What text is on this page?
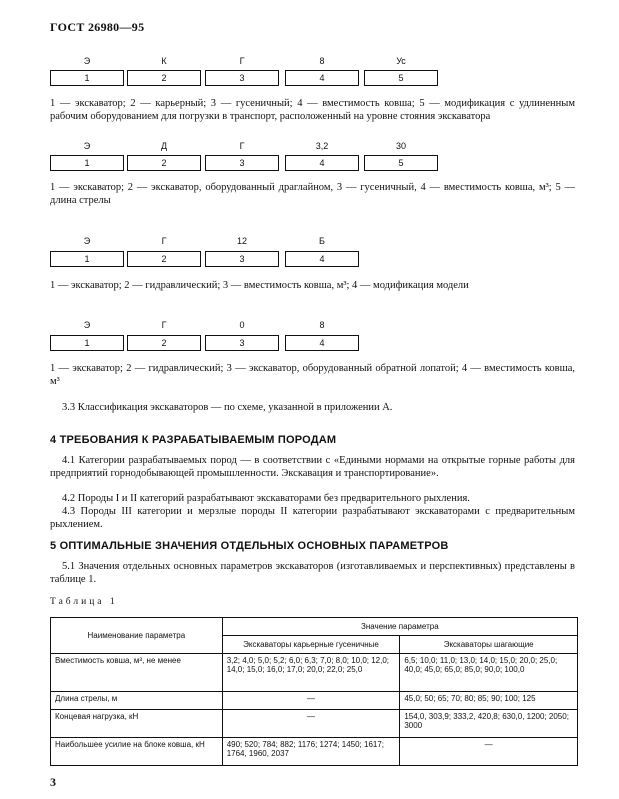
ГОСТ 26980—95
Э	К	Г	8	Ус
1	2	3	4	5
1 — экскаватор; 2 — карьерный; 3 — гусеничный; 4 — вместимость ковша; 5 — модификация с удлиненным рабочим оборудованием для погрузки в транспорт, расположенный на уровне стояния экскаватора
Э	Д	Г	3,2	30
1	2	3	4	5
1 — экскаватор; 2 — экскаватор, оборудованный драглайном, 3 — гусеничный, 4 — вместимость ковша, м³; 5 — длина стрелы
Э	Г	12	Б
1	2	3	4
1 — экскаватор; 2 — гидравлический; 3 — вместимость ковша, м³; 4 — модификация модели
Э	Г	0	8
1	2	3	4
1 — экскаватор; 2 — гидравлический; 3 — экскаватор, оборудованный обратной лопатой; 4 — вместимость ковша, м³
3.3 Классификация экскаваторов — по схеме, указанной в приложении А.
4 ТРЕБОВАНИЯ К РАЗРАБАТЫВАЕМЫМ ПОРОДАМ
4.1 Категории разрабатываемых пород — в соответствии с «Едиными нормами на открытые горные работы для предприятий горнодобывающей промышленности. Экскавация и транспортирование».
4.2 Породы I и II категорий разрабатывают экскаваторами без предварительного рыхления.
4.3 Породы III категории и мерзлые породы II категории разрабатывают экскаваторами с предварительным рыхлением.
5 ОПТИМАЛЬНЫЕ ЗНАЧЕНИЯ ОТДЕЛЬНЫХ ОСНОВНЫХ ПАРАМЕТРОВ
5.1 Значения отдельных основных параметров экскаваторов (изготавливаемых и перспективных) представлены в таблице 1.
Таблица 1
Наименование параметра	Значение параметра	
	Экскаваторы карьерные гусеничные	Экскаваторы шагающие
Вместимость ковша, м³, не менее	3,2; 4,0; 5,0; 5,2; 6,0; 6,3; 7,0; 8,0; 10,0; 12,0; 14,0; 15,0; 16,0; 17,0; 20,0; 22,0; 25,0	6,5; 10,0; 11,0; 13,0; 14,0; 15,0; 20,0; 25,0; 40,0; 45,0; 65,0; 85,0; 90,0; 100,0
Длина стрелы, м	—	45,0; 50; 65; 70; 80; 85; 90; 100; 125
Концевая нагрузка, кН	—	154,0, 303,9; 333,2, 420,8; 630,0, 1200; 2050; 3000
Наибольшее усилие на блоке ковша, кН	490; 520; 784; 882; 1176; 1274; 1450; 1617; 1764, 1960, 2037	—
3
